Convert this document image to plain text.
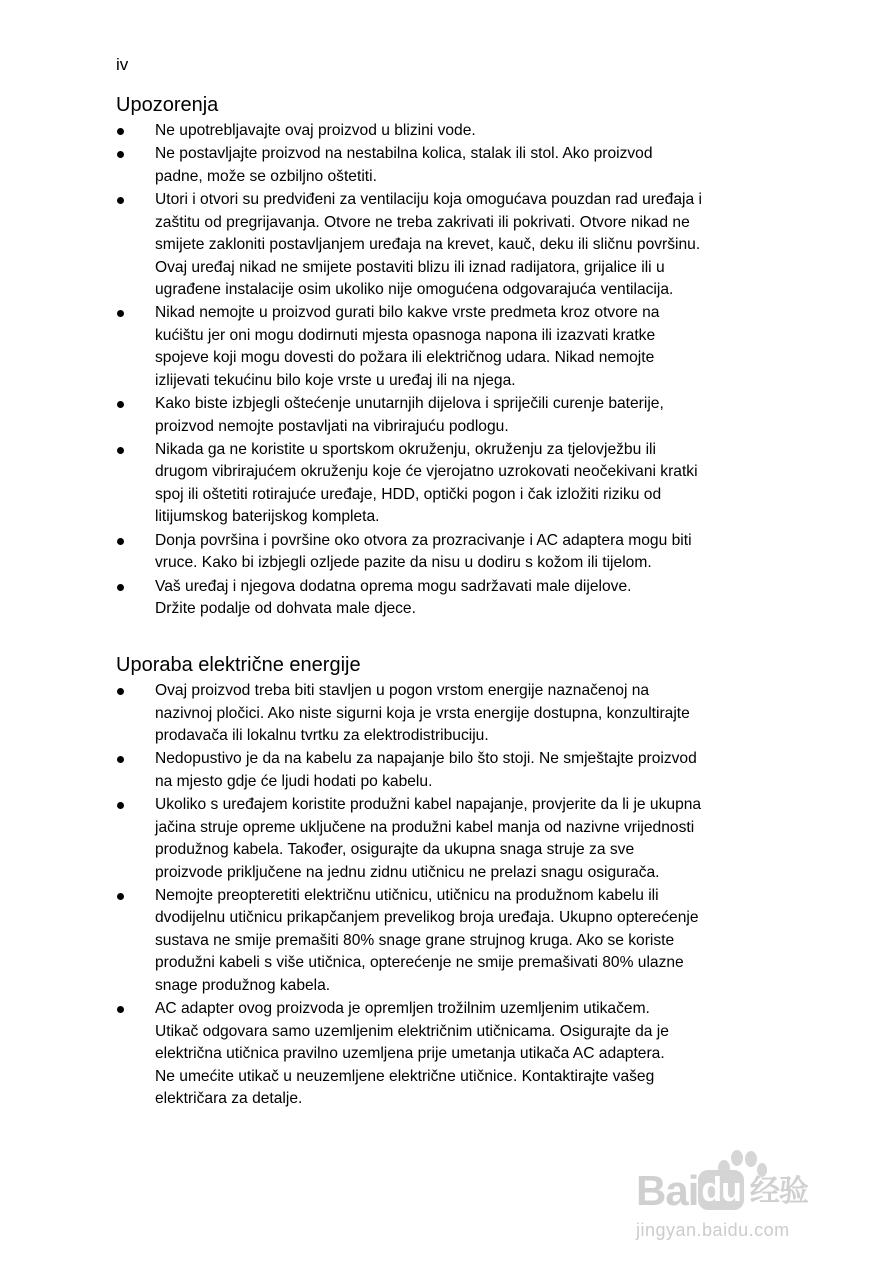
iv
Upozorenja
Ne upotrebljavajte ovaj proizvod u blizini vode.
Ne postavljajte proizvod na nestabilna kolica, stalak ili stol. Ako proizvod
padne, može se ozbiljno oštetiti.
Utori i otvori su predviđeni za ventilaciju koja omogućava pouzdan rad uređaja i
zaštitu od pregrijavanja. Otvore ne treba zakrivati ili pokrivati. Otvore nikad ne
smijete zakloniti postavljanjem uređaja na krevet, kauč, deku ili sličnu površinu.
Ovaj uređaj nikad ne smijete postaviti blizu ili iznad radijatora, grijalice ili u
ugrađene instalacije osim ukoliko nije omogućena odgovarajuća ventilacija.
Nikad nemojte u proizvod gurati bilo kakve vrste predmeta kroz otvore na
kućištu jer oni mogu dodirnuti mjesta opasnoga napona ili izazvati kratke
spojeve koji mogu dovesti do požara ili električnog udara. Nikad nemojte
izlijevati tekućinu bilo koje vrste u uređaj ili na njega.
Kako biste izbjegli oštećenje unutarnjih dijelova i spriječili curenje baterije,
proizvod nemojte postavljati na vibrirajuću podlogu.
Nikada ga ne koristite u sportskom okruženju, okruženju za tjelovježbu ili
drugom vibrirajućem okruženju koje će vjerojatno uzrokovati neočekivani kratki
spoj ili oštetiti rotirajuće uređaje, HDD, optički pogon i čak izložiti riziku od
litijumskog baterijskog kompleta.
Donja površina i površine oko otvora za prozracivanje i AC adaptera mogu biti
vruce. Kako bi izbjegli ozljede pazite da nisu u dodiru s kožom ili tijelom.
Vaš uređaj i njegova dodatna oprema mogu sadržavati male dijelove.
Držite podalje od dohvata male djece.
Uporaba električne energije
Ovaj proizvod treba biti stavljen u pogon vrstom energije naznačenoj na
nazivnoj pločici. Ako niste sigurni koja je vrsta energije dostupna, konzultirajte
prodavača ili lokalnu tvrtku za elektrodistribuciju.
Nedopustivo je da na kabelu za napajanje bilo što stoji. Ne smještajte proizvod
na mjesto gdje će ljudi hodati po kabelu.
Ukoliko s uređajem koristite produžni kabel napajanje, provjerite da li je ukupna
jačina struje opreme uključene na produžni kabel manja od nazivne vrijednosti
produžnog kabela. Također, osigurajte da ukupna snaga struje za sve
proizvode priključene na jednu zidnu utičnicu ne prelazi snagu osigurača.
Nemojte preopteretiti električnu utičnicu, utičnicu na produžnom kabelu ili
dvodijelnu utičnicu prikapčanjem prevelikog broja uređaja. Ukupno opterećenje
sustava ne smije premašiti 80% snage grane strujnog kruga. Ako se koriste
produžni kabeli s više utičnica, opterećenje ne smije premašivati 80% ulazne
snage produžnog kabela.
AC adapter ovog proizvoda je opremljen trožilnim uzemljenim utikačem.
Utikač odgovara samo uzemljenim električnim utičnicama. Osigurajte da je
električna utičnica pravilno uzemljena prije umetanja utikača AC adaptera.
Ne umećite utikač u neuzemljene električne utičnice. Kontaktirajte vašeg
električara za detalje.
Baidu 经验
jingyan.baidu.com
